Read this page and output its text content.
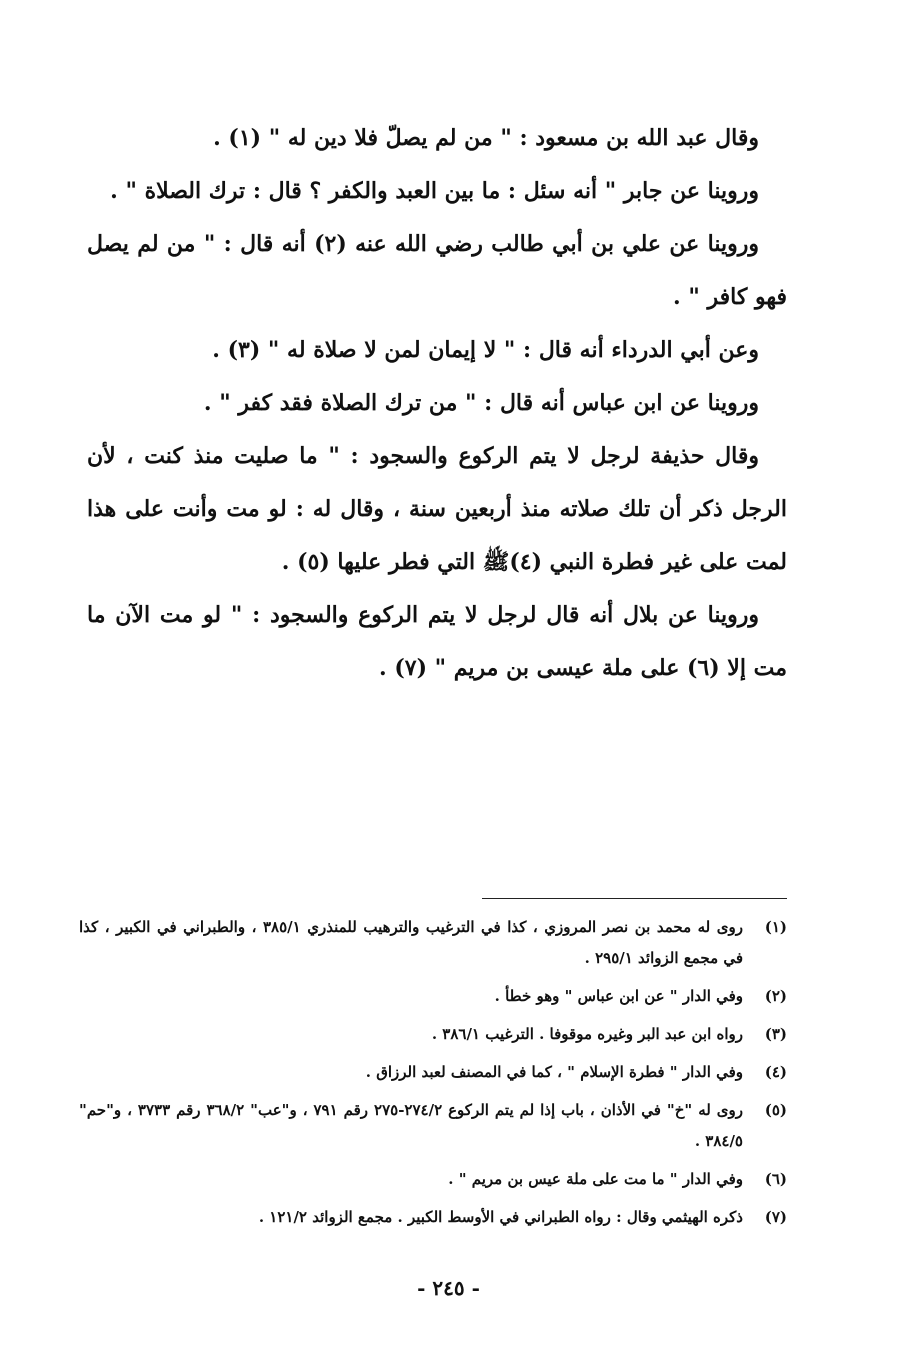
وقال عبد الله بن مسعود : " من لم يصلّ فلا دين له " (١) .

وروينا عن جابر " أنه سئل : ما بين العبد والكفر ؟ قال : ترك الصلاة " .

وروينا عن علي بن أبي طالب رضي الله عنه (٢) أنه قال : " من لم يصل فهو كافر " .

وعن أبي الدرداء أنه قال : " لا إيمان لمن لا صلاة له " (٣) .

وروينا عن ابن عباس أنه قال : " من ترك الصلاة فقد كفر " .

وقال حذيفة لرجل لا يتم الركوع والسجود : " ما صليت منذ كنت ، لأن الرجل ذكر أن تلك صلاته منذ أربعين سنة ، وقال له : لو مت وأنت على هذا لمت على غير فطرة النبي (٤)ﷺ التي فطر عليها (٥) .

وروينا عن بلال أنه قال لرجل لا يتم الركوع والسجود : " لو مت الآن ما مت إلا (٦) على ملة عيسى بن مريم " (٧) .

(١)
روى له محمد بن نصر المروزي ، كذا في الترغيب والترهيب للمنذري ٣٨٥/١ ، والطبراني في الكبير ، كذا في مجمع الزوائد ٢٩٥/١ .
(٢)
وفي الدار " عن ابن عباس " وهو خطأ .
(٣)
رواه ابن عبد البر وغيره موقوفا . الترغيب ٣٨٦/١ .
(٤)
وفي الدار " فطرة الإسلام " ، كما في المصنف لعبد الرزاق .
(٥)
روى له "خ" في الأذان ، باب إذا لم يتم الركوع ٢٧٤/٢-٢٧٥ رقم ٧٩١ ، و"عب" ٣٦٨/٢ رقم ٣٧٣٣ ، و"حم" ٣٨٤/٥ .
(٦)
وفي الدار " ما مت على ملة عيس بن مريم " .
(٧)
ذكره الهيثمي وقال : رواه الطبراني في الأوسط الكبير . مجمع الزوائد ١٢١/٢ .
- ٢٤٥ -
